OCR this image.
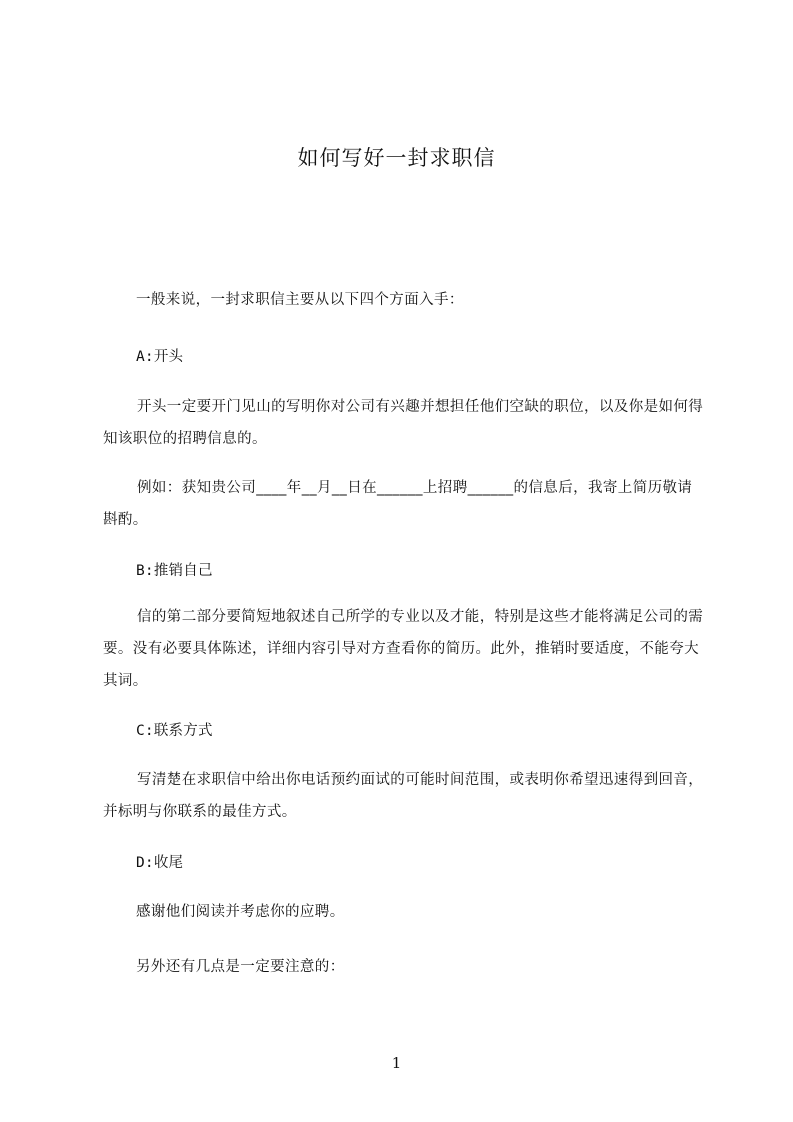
如何写好一封求职信

一般来说，一封求职信主要从以下四个方面入手：

A:开头

开头一定要开门见山的写明你对公司有兴趣并想担任他们空缺的职位，以及你是如何得知该职位的招聘信息的。

例如：获知贵公司____年__月__日在______上招聘______的信息后，我寄上简历敬请斟酌。

B:推销自己

信的第二部分要简短地叙述自己所学的专业以及才能，特别是这些才能将满足公司的需要。没有必要具体陈述，详细内容引导对方查看你的简历。此外，推销时要适度，不能夸大其词。

C:联系方式

写清楚在求职信中给出你电话预约面试的可能时间范围，或表明你希望迅速得到回音，并标明与你联系的最佳方式。

D:收尾

感谢他们阅读并考虑你的应聘。

另外还有几点是一定要注意的：

1
